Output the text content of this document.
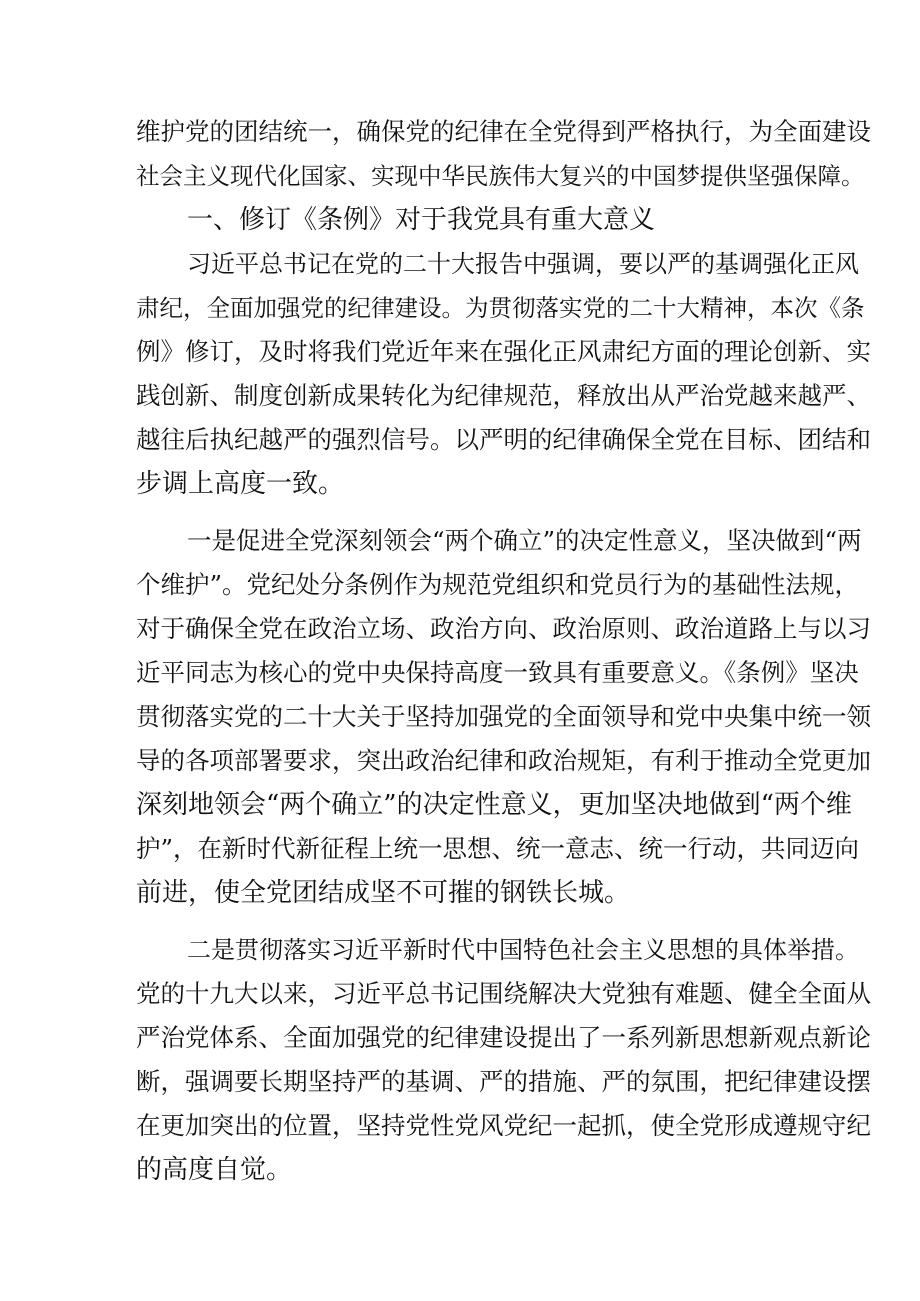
维护党的团结统一，确保党的纪律在全党得到严格执行，为全面建设
社会主义现代化国家、实现中华民族伟大复兴的中国梦提供坚强保障。
一、修订《条例》对于我党具有重大意义
习近平总书记在党的二十大报告中强调，要以严的基调强化正风
肃纪，全面加强党的纪律建设。为贯彻落实党的二十大精神，本次《条
例》修订，及时将我们党近年来在强化正风肃纪方面的理论创新、实
践创新、制度创新成果转化为纪律规范，释放出从严治党越来越严、
越往后执纪越严的强烈信号。以严明的纪律确保全党在目标、团结和
步调上高度一致。
一是促进全党深刻领会“两个确立”的决定性意义，坚决做到“两
个维护”。党纪处分条例作为规范党组织和党员行为的基础性法规，
对于确保全党在政治立场、政治方向、政治原则、政治道路上与以习
近平同志为核心的党中央保持高度一致具有重要意义。《条例》坚决
贯彻落实党的二十大关于坚持加强党的全面领导和党中央集中统一领
导的各项部署要求，突出政治纪律和政治规矩，有利于推动全党更加
深刻地领会“两个确立”的决定性意义，更加坚决地做到“两个维
护”，在新时代新征程上统一思想、统一意志、统一行动，共同迈向
前进，使全党团结成坚不可摧的钢铁长城。
二是贯彻落实习近平新时代中国特色社会主义思想的具体举措。
党的十九大以来，习近平总书记围绕解决大党独有难题、健全全面从
严治党体系、全面加强党的纪律建设提出了一系列新思想新观点新论
断，强调要长期坚持严的基调、严的措施、严的氛围，把纪律建设摆
在更加突出的位置，坚持党性党风党纪一起抓，使全党形成遵规守纪
的高度自觉。
